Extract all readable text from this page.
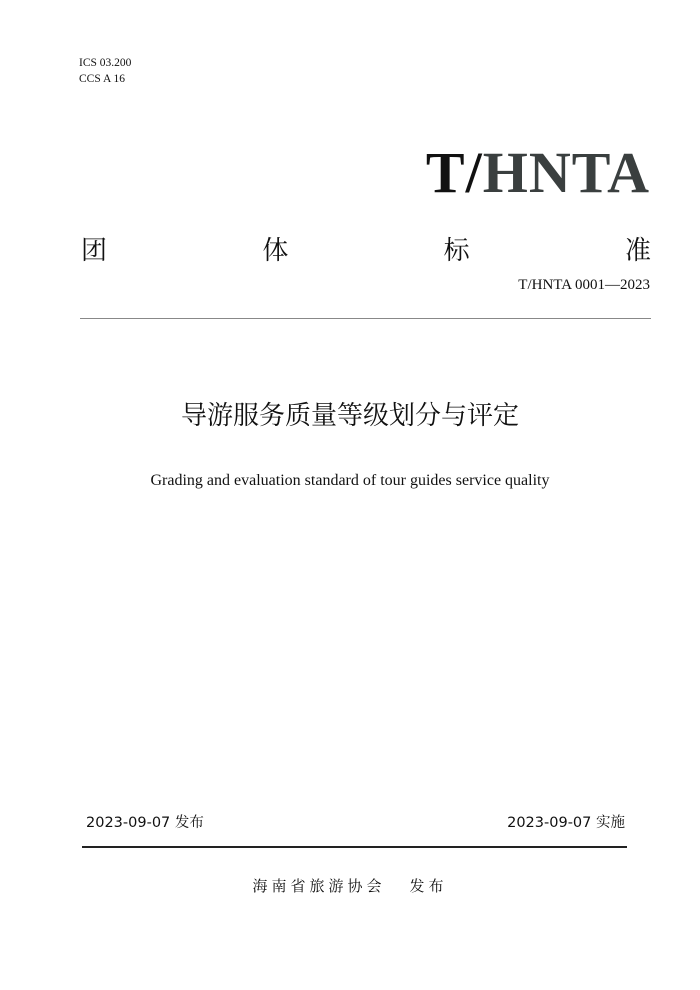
ICS 03.200
CCS A 16
T/HNTA
团	体	标	准
T/HNTA 0001—2023
导游服务质量等级划分与评定
Grading and evaluation standard of tour guides service quality
2023-09-07 发布	2023-09-07 实施
海南省旅游协会 发布
